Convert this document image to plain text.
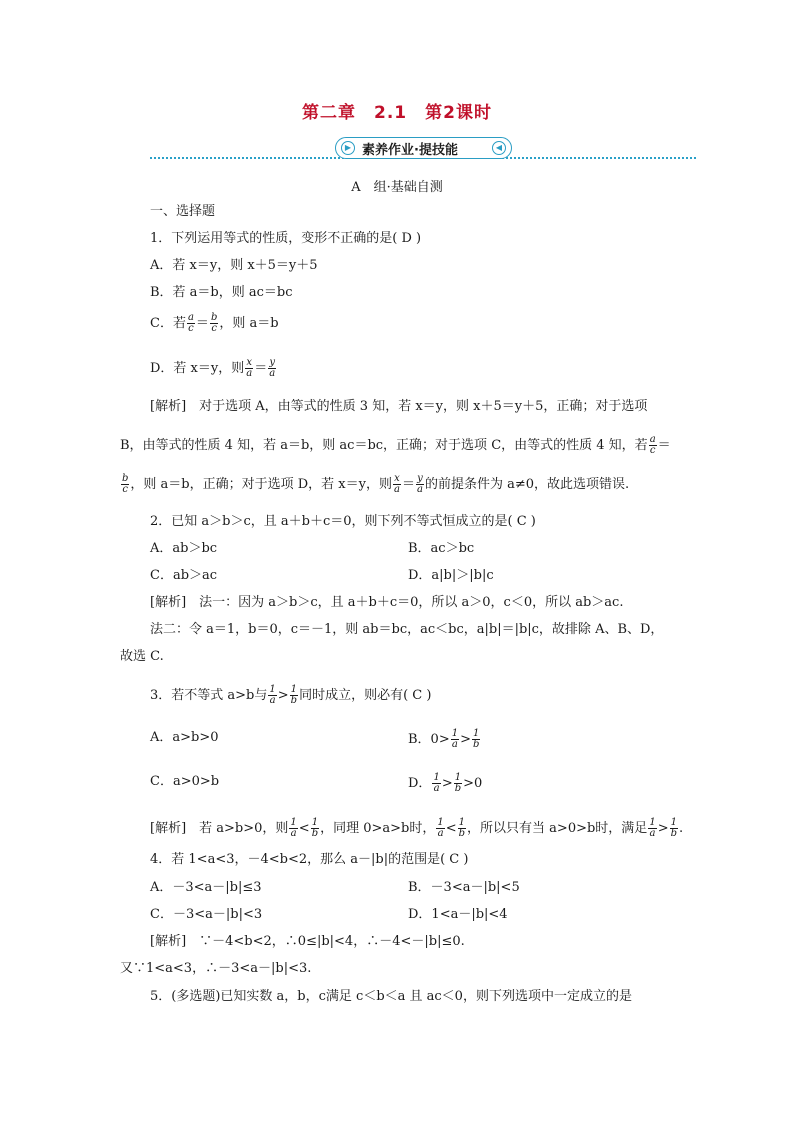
第二章　2.1　第2课时
▶ 素养作业·提技能	◀
A　组·基础自测
一、选择题
1．下列运用等式的性质，变形不正确的是( D )
A．若 x＝y，则 x＋5＝y＋5
B．若 a＝b，则 ac＝bc
C．若 $\frac{a}{c} = \frac{b}{c}$ ，则 a＝b
D．若 x＝y，则 $\frac{x}{a} = \frac{y}{a}$
[解析]　对于选项 A，由等式的性质 3 知，若 x＝y，则 x＋5＝y＋5，正确；对于选项
B，由等式的性质 4 知，若 a＝b，则 ac＝bc，正确；对于选项 C，由等式的性质 4 知，若 $\frac{a}{c}$ ＝
$\frac{b}{c}$ ，则 a＝b，正确；对于选项 D，若 x＝y，则 $\frac{x}{a} = \frac{y}{a}$ 的前提条件为 a≠0，故此选项错误.
2．已知 a＞b＞c，且 a＋b＋c＝0，则下列不等式恒成立的是( C )
A．ab＞bc	B．ac＞bc
C．ab＞ac	D．a|b|＞|b|c
[解析]　法一：因为 a＞b＞c，且 a＋b＋c＝0，所以 a＞0，c＜0，所以 ab＞ac.
法二：令 a＝1，b＝0，c＝－1，则 ab＝bc，ac＜bc，a|b|＝|b|c，故排除 A、B、D，
故选 C.
3．若不等式 a>b与 $\frac{1}{a} > \frac{1}{b}$ 同时成立，则必有( C )
A．a>b>0	B．$0> \frac{1}{a} > \frac{1}{b}$
C．a>0>b	D． $\frac{1}{a} > \frac{1}{b} >0$
[解析]　若 a>b>0，则 $\frac{1}{a} < \frac{1}{b}$ ，同理 0>a>b时， $\frac{1}{a} < \frac{1}{b}$ ，所以只有当 a>0>b时，满足 $\frac{1}{a} > \frac{1}{b}$ .
4．若 1<a<3，－4<b<2，那么 a－|b|的范围是( C )
A．－3<a－|b|≤3	B．－3<a－|b|<5
C．－3<a－|b|<3	D．1<a－|b|<4
[解析]　∵－4<b<2，∴0≤|b|<4，∴－4<－|b|≤0.
又∵1<a<3，∴－3<a－|b|<3.
5．(多选题)已知实数 a，b，c满足 c＜b＜a 且 ac＜0，则下列选项中一定成立的是
